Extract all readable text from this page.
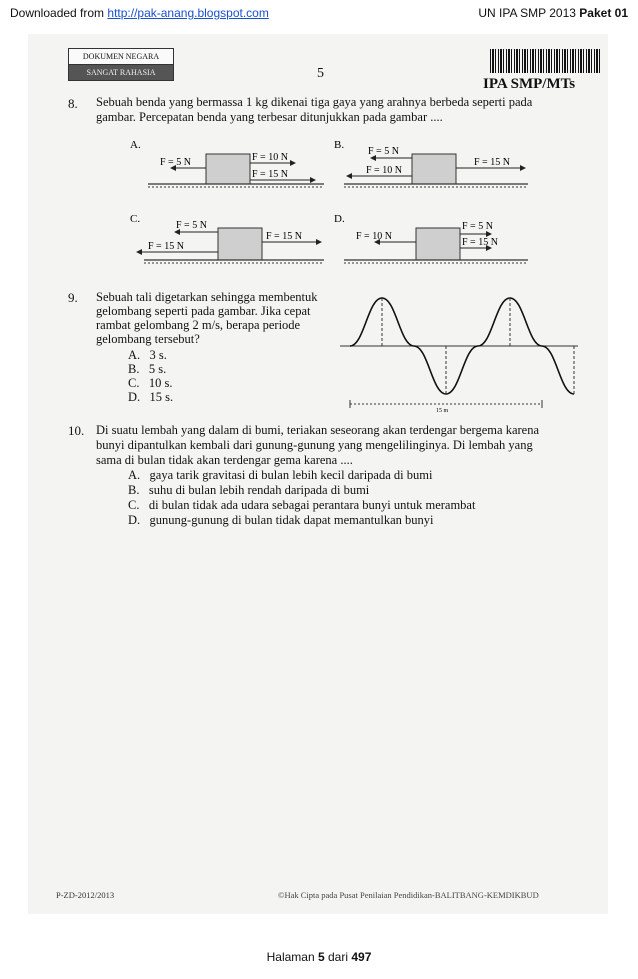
Downloaded from http://pak-anang.blogspot.com	UN IPA SMP 2013 Paket 01
DOKUMEN NEGARA
SANGAT RAHASIA	5
IPA SMP/MTs
8. Sebuah benda yang bermassa 1 kg dikenai tiga gaya yang arahnya berbeda seperti pada
gambar. Percepatan benda yang terbesar ditunjukkan pada gambar ....
A.
F = 5 N	F = 10 N
F = 15 N
B.
F = 5 N
F = 15 N
F = 10 N
C.
F = 5 N
F = 15 N
F = 15 N
D.
F = 10 N
F = 5 N
F = 15 N
9. Sebuah tali digetarkan sehingga membentuk
gelombang seperti pada gambar. Jika cepat
rambat gelombang 2 m/s, berapa periode
gelombang tersebut?
A. 3 s.
B. 5 s.
C. 10 s.
D. 15 s.
15 m
10. Di suatu lembah yang dalam di bumi, teriakan seseorang akan terdengar bergema karena
bunyi dipantulkan kembali dari gunung-gunung yang mengelilinginya. Di lembah yang
sama di bulan tidak akan terdengar gema karena ....
A. gaya tarik gravitasi di bulan lebih kecil daripada di bumi
B. suhu di bulan lebih rendah daripada di bumi
C. di bulan tidak ada udara sebagai perantara bunyi untuk merambat
D. gunung-gunung di bulan tidak dapat memantulkan bunyi
P-ZD-2012/2013	©Hak Cipta pada Pusat Penilaian Pendidikan-BALITBANG-KEMDIKBUD
Halaman 5 dari 497
